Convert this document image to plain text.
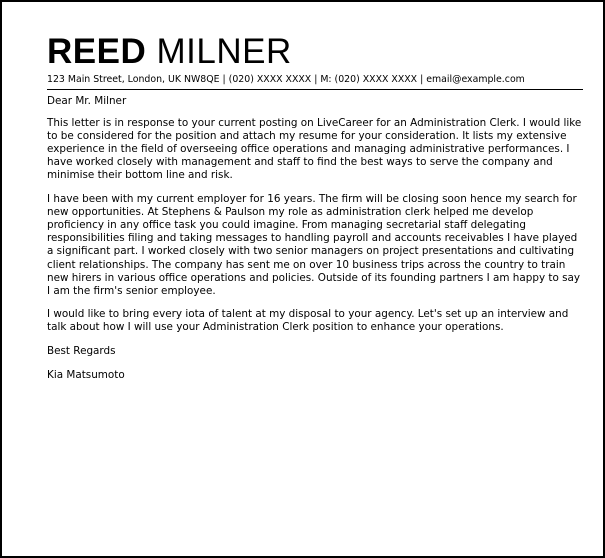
REED MILNER
123 Main Street, London, UK NW8QE | (020) XXXX XXXX | M: (020) XXXX XXXX | email@example.com

Dear Mr. Milner

This letter is in response to your current posting on LiveCareer for an Administration Clerk. I would like to be considered for the position and attach my resume for your consideration. It lists my extensive experience in the field of overseeing office operations and managing administrative performances. I have worked closely with management and staff to find the best ways to serve the company and minimise their bottom line and risk.

I have been with my current employer for 16 years. The firm will be closing soon hence my search for new opportunities. At Stephens & Paulson my role as administration clerk helped me develop proficiency in any office task you could imagine. From managing secretarial staff delegating responsibilities filing and taking messages to handling payroll and accounts receivables I have played a significant part. I worked closely with two senior managers on project presentations and cultivating client relationships. The company has sent me on over 10 business trips across the country to train new hirers in various office operations and policies. Outside of its founding partners I am happy to say I am the firm's senior employee.

I would like to bring every iota of talent at my disposal to your agency. Let's set up an interview and talk about how I will use your Administration Clerk position to enhance your operations.

Best Regards

Kia Matsumoto
